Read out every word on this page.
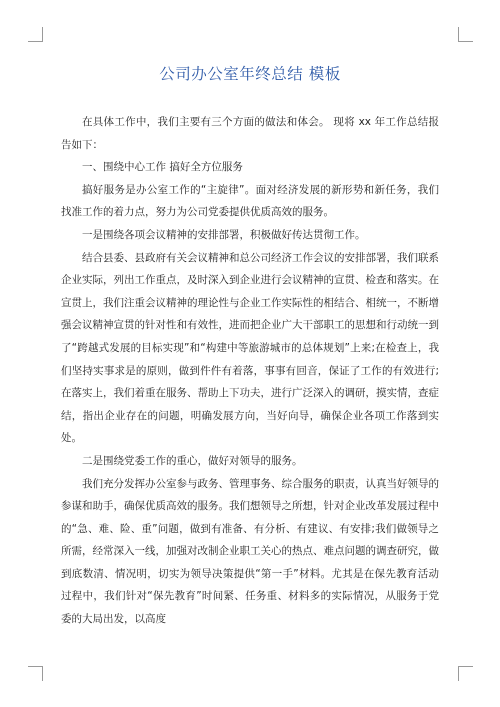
公司办公室年终总结 模板

在具体工作中，我们主要有三个方面的做法和体会。 现将 xx 年工作总结报告如下：

一、围绕中心工作 搞好全方位服务

搞好服务是办公室工作的“主旋律”。面对经济发展的新形势和新任务，我们找准工作的着力点，努力为公司党委提供优质高效的服务。

一是围绕各项会议精神的安排部署，积极做好传达贯彻工作。

结合县委、县政府有关会议精神和总公司经济工作会议的安排部署，我们联系企业实际，列出工作重点，及时深入到企业进行会议精神的宣贯、检查和落实。在宣贯上，我们注重会议精神的理论性与企业工作实际性的相结合、相统一，不断增强会议精神宣贯的针对性和有效性，进而把企业广大干部职工的思想和行动统一到了“跨越式发展的目标实现”和“构建中等旅游城市的总体规划”上来;在检查上，我们坚持实事求是的原则，做到件件有着落，事事有回音，保证了工作的有效进行;在落实上，我们着重在服务、帮助上下功夫，进行广泛深入的调研，摸实情，查症结，指出企业存在的问题，明确发展方向，当好向导，确保企业各项工作落到实处。

二是围绕党委工作的重心，做好对领导的服务。

我们充分发挥办公室参与政务、管理事务、综合服务的职责，认真当好领导的参谋和助手，确保优质高效的服务。我们想领导之所想，针对企业改革发展过程中的“急、难、险、重”问题，做到有准备、有分析、有建议、有安排;我们做领导之所需，经常深入一线，加强对改制企业职工关心的热点、难点问题的调查研究，做到底数清、情况明，切实为领导决策提供“第一手”材料。尤其是在保先教育活动过程中，我们针对“保先教育”时间紧、任务重、材料多的实际情况，从服务于党委的大局出发，以高度
